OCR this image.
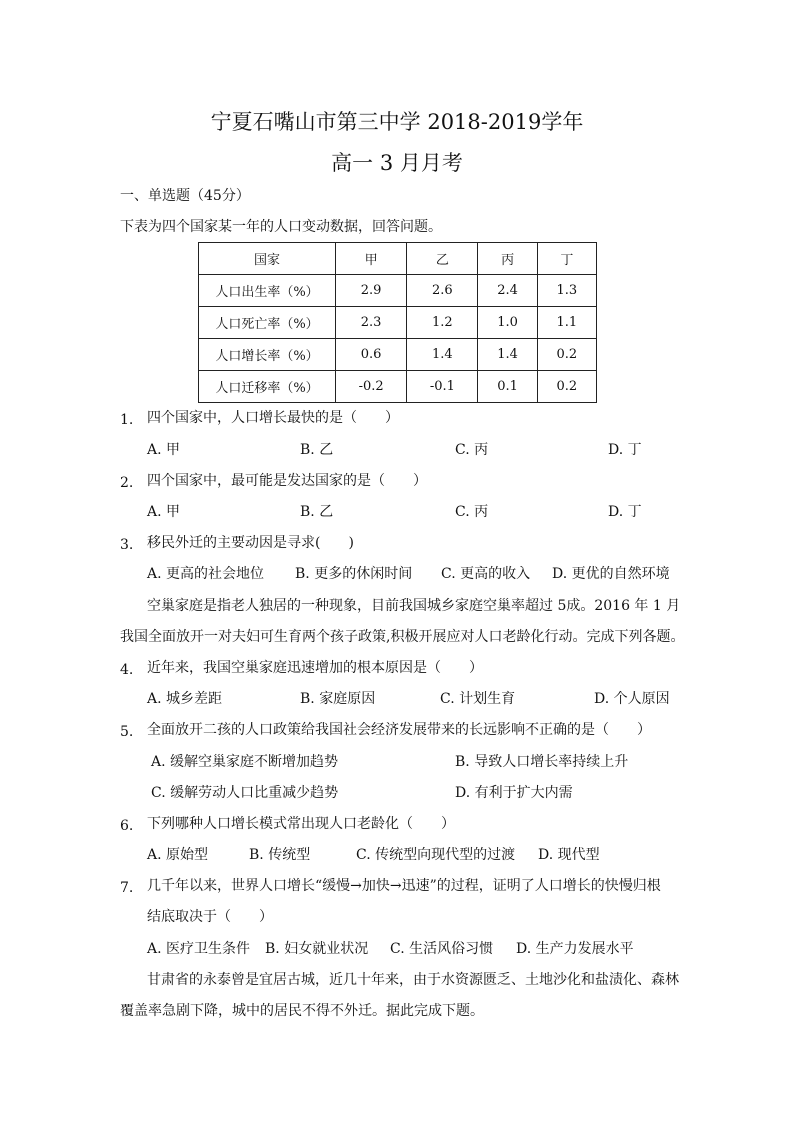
宁夏石嘴山市第三中学 2018-2019学年
高一 3 月月考
一、单选题（45分）
下表为四个国家某一年的人口变动数据，回答问题。
国家	甲	乙	丙	丁
人口出生率（%）	2.9	2.6	2.4	1.3
人口死亡率（%）	2.3	1.2	1.0	1.1
人口增长率（%）	0.6	1.4	1.4	0.2
人口迁移率（%）	-0.2	-0.1	0.1	0.2
1. 四个国家中，人口增长最快的是（　　）
A. 甲	B. 乙	C. 丙	D. 丁
2. 四个国家中，最可能是发达国家的是（　　）
A. 甲	B. 乙	C. 丙	D. 丁
3. 移民外迁的主要动因是寻求(　　)
A. 更高的社会地位 B. 更多的休闲时间 C. 更高的收入 D. 更优的自然环境
空巢家庭是指老人独居的一种现象，目前我国城乡家庭空巢率超过 5成。2016 年 1 月
我国全面放开一对夫妇可生育两个孩子政策,积极开展应对人口老龄化行动。完成下列各题。
4. 近年来，我国空巢家庭迅速增加的根本原因是（　　）
A. 城乡差距	B. 家庭原因	C. 计划生育	D. 个人原因
5. 全面放开二孩的人口政策给我国社会经济发展带来的长远影响不正确的是（　　）
A. 缓解空巢家庭不断增加趋势	B. 导致人口增长率持续上升
C. 缓解劳动人口比重减少趋势	D. 有利于扩大内需
6. 下列哪种人口增长模式常出现人口老龄化（　　）
A. 原始型	B. 传统型	C. 传统型向现代型的过渡 D. 现代型
7. 几千年以来，世界人口增长“缓慢→加快→迅速”的过程，证明了人口增长的快慢归根
结底取决于（　　）
A. 医疗卫生条件 B. 妇女就业状况 C. 生活风俗习惯 D. 生产力发展水平
甘肃省的永泰曾是宜居古城，近几十年来，由于水资源匮乏、土地沙化和盐渍化、森林
覆盖率急剧下降，城中的居民不得不外迁。据此完成下题。
